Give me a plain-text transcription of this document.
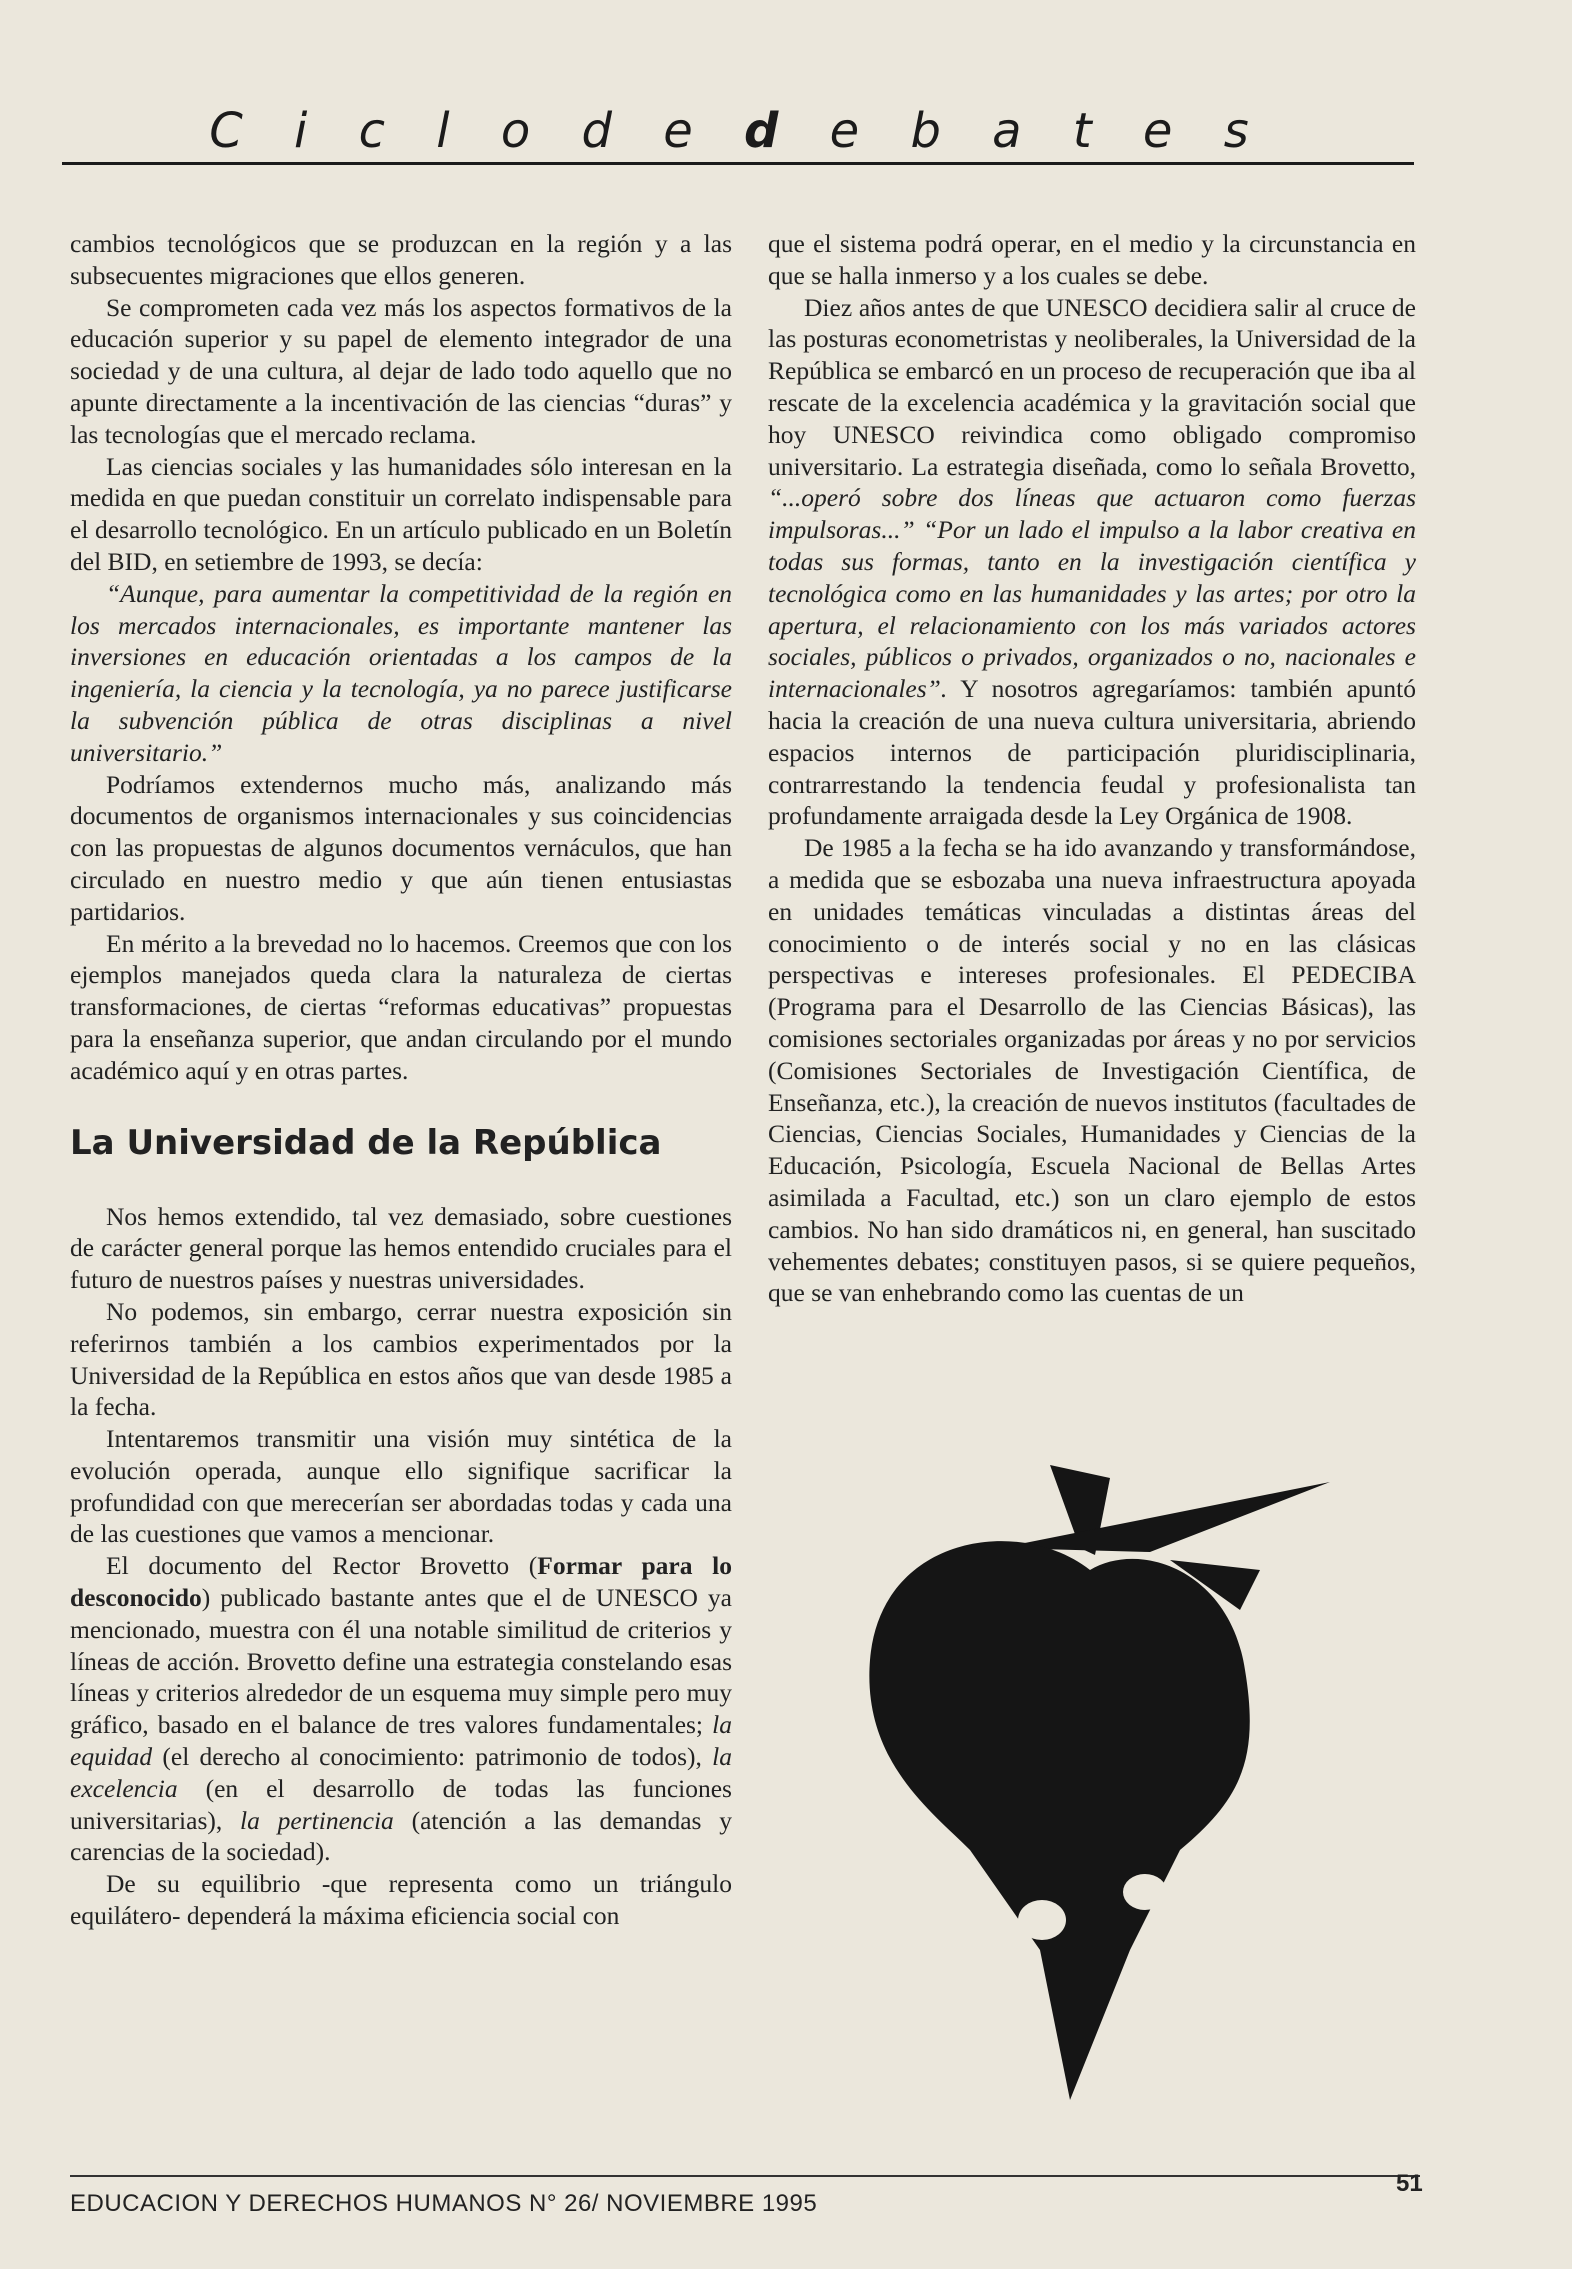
C i c l o d e d e b a t e s

cambios tecnológicos que se produzcan en la región y a las subsecuentes migraciones que ellos generen.

Se comprometen cada vez más los aspectos formativos de la educación superior y su papel de elemento integrador de una sociedad y de una cultura, al dejar de lado todo aquello que no apunte directamente a la incentivación de las ciencias “duras” y las tecnologías que el mercado reclama.

Las ciencias sociales y las humanidades sólo interesan en la medida en que puedan constituir un correlato indispensable para el desarrollo tecnológico. En un artículo publicado en un Boletín del BID, en setiembre de 1993, se decía:

“Aunque, para aumentar la competitividad de la región en los mercados internacionales, es importante mantener las inversiones en educación orientadas a los campos de la ingeniería, la ciencia y la tecnología, ya no parece justificarse la subvención pública de otras disciplinas a nivel universitario.”

Podríamos extendernos mucho más, analizando más documentos de organismos internacionales y sus coincidencias con las propuestas de algunos documentos vernáculos, que han circulado en nuestro medio y que aún tienen entusiastas partidarios.

En mérito a la brevedad no lo hacemos. Creemos que con los ejemplos manejados queda clara la naturaleza de ciertas transformaciones, de ciertas “reformas educativas” propuestas para la enseñanza superior, que andan circulando por el mundo académico aquí y en otras partes.

La Universidad de la República

Nos hemos extendido, tal vez demasiado, sobre cuestiones de carácter general porque las hemos entendido cruciales para el futuro de nuestros países y nuestras universidades.

No podemos, sin embargo, cerrar nuestra exposición sin referirnos también a los cambios experimentados por la Universidad de la República en estos años que van desde 1985 a la fecha.

Intentaremos transmitir una visión muy sintética de la evolución operada, aunque ello signifique sacrificar la profundidad con que merecerían ser abordadas todas y cada una de las cuestiones que vamos a mencionar.

El documento del Rector Brovetto (Formar para lo desconocido) publicado bastante antes que el de UNESCO ya mencionado, muestra con él una notable similitud de criterios y líneas de acción. Brovetto define una estrategia constelando esas líneas y criterios alrededor de un esquema muy simple pero muy gráfico, basado en el balance de tres valores fundamentales; la equidad (el derecho al conocimiento: patrimonio de todos), la excelencia (en el desarrollo de todas las funciones universitarias), la pertinencia (atención a las demandas y carencias de la sociedad).

De su equilibrio -que representa como un triángulo equilátero- dependerá la máxima eficiencia social con

que el sistema podrá operar, en el medio y la circunstancia en que se halla inmerso y a los cuales se debe.

Diez años antes de que UNESCO decidiera salir al cruce de las posturas econometristas y neoliberales, la Universidad de la República se embarcó en un proceso de recuperación que iba al rescate de la excelencia académica y la gravitación social que hoy UNESCO reivindica como obligado compromiso universitario. La estrategia diseñada, como lo señala Brovetto, “...operó sobre dos líneas que actuaron como fuerzas impulsoras...” “Por un lado el impulso a la labor creativa en todas sus formas, tanto en la investigación científica y tecnológica como en las humanidades y las artes; por otro la apertura, el relacionamiento con los más variados actores sociales, públicos o privados, organizados o no, nacionales e internacionales”. Y nosotros agregaríamos: también apuntó hacia la creación de una nueva cultura universitaria, abriendo espacios internos de participación pluridisciplinaria, contrarrestando la tendencia feudal y profesionalista tan profundamente arraigada desde la Ley Orgánica de 1908.

De 1985 a la fecha se ha ido avanzando y transformándose, a medida que se esbozaba una nueva infraestructura apoyada en unidades temáticas vinculadas a distintas áreas del conocimiento o de interés social y no en las clásicas perspectivas e intereses profesionales. El PEDECIBA (Programa para el Desarrollo de las Ciencias Básicas), las comisiones sectoriales organizadas por áreas y no por servicios (Comisiones Sectoriales de Investigación Científica, de Enseñanza, etc.), la creación de nuevos institutos (facultades de Ciencias, Ciencias Sociales, Humanidades y Ciencias de la Educación, Psicología, Escuela Nacional de Bellas Artes asimilada a Facultad, etc.) son un claro ejemplo de estos cambios. No han sido dramáticos ni, en general, han suscitado vehementes debates; constituyen pasos, si se quiere pequeños, que se van enhebrando como las cuentas de un

EDUCACION Y DERECHOS HUMANOS N° 26/ NOVIEMBRE 1995
51
